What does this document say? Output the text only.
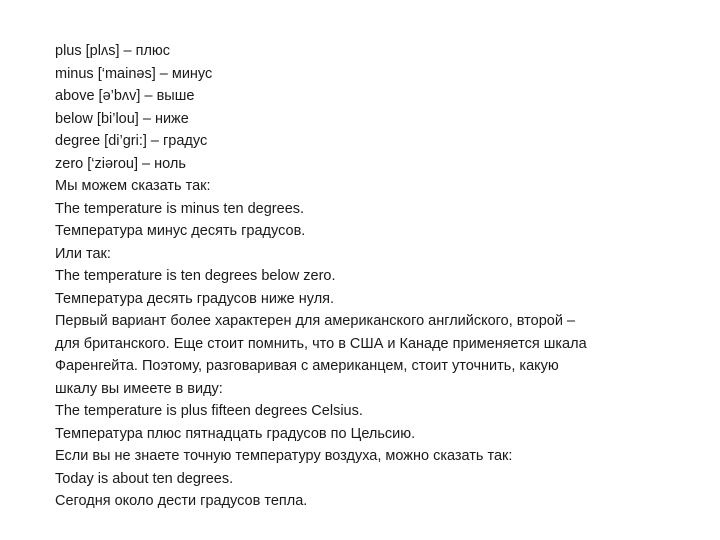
plus [plʌs] – плюс
minus [‘mainəs] – минус
above [ə’bʌv] – выше
below [bi’lou] – ниже
degree [di’gri:] – градус
zero [‘ziərou] – ноль
Мы можем сказать так:
The temperature is minus ten degrees.
Температура минус десять градусов.
Или так:
The temperature is ten degrees below zero.
Температура десять градусов ниже нуля.
Первый вариант более характерен для американского английского, второй –
для британского. Еще стоит помнить, что в США и Канаде применяется шкала
Фаренгейта. Поэтому, разговаривая с американцем, стоит уточнить, какую
шкалу вы имеете в виду:
The temperature is plus fifteen degrees Celsius.
Температура плюс пятнадцать градусов по Цельсию.
Если вы не знаете точную температуру воздуха, можно сказать так:
Today is about ten degrees.
Сегодня около дести градусов тепла.
